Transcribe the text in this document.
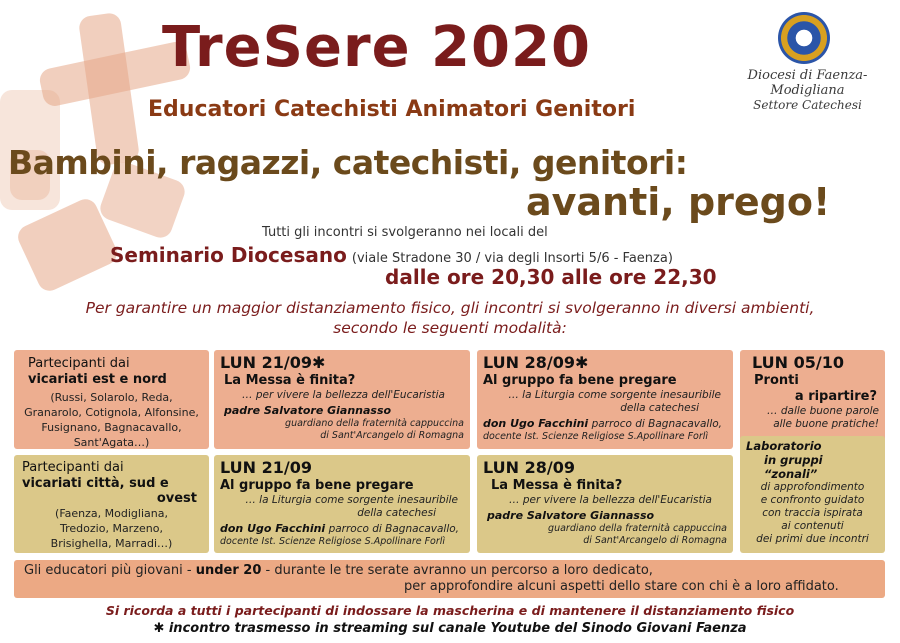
Diocesi di Faenza-Modigliana
Settore Catechesi
TreSere 2020
Educatori Catechisti Animatori Genitori
Bambini, ragazzi, catechisti, genitori:
avanti, prego!
Tutti gli incontri si svolgeranno nei locali del
Seminario Diocesano (viale Stradone 30 / via degli Insorti 5/6 - Faenza)
dalle ore 20,30 alle ore 22,30
Per garantire un maggior distanziamento fisico, gli incontri si svolgeranno in diversi ambienti,
secondo le seguenti modalità:
Partecipanti dai
vicariati est e nord
(Russi, Solarolo, Reda,
Granarolo, Cotignola, Alfonsine,
Fusignano, Bagnacavallo,
Sant'Agata…)
LUN 21/09✱
La Messa è finita?
… per vivere la bellezza dell'Eucaristia
padre Salvatore Giannasso
guardiano della fraternità cappuccina
di Sant'Arcangelo di Romagna
LUN 28/09✱
Al gruppo fa bene pregare
… la Liturgia come sorgente inesauribile
della catechesi
don Ugo Facchini parroco di Bagnacavallo,
docente Ist. Scienze Religiose S.Apollinare Forlì
Partecipanti dai
vicariati città, sud e
ovest
(Faenza, Modigliana,
Tredozio, Marzeno,
Brisighella, Marradi…)
LUN 21/09
Al gruppo fa bene pregare
… la Liturgia come sorgente inesauribile
della catechesi
don Ugo Facchini parroco di Bagnacavallo,
docente Ist. Scienze Religiose S.Apollinare Forlì
LUN 28/09
La Messa è finita?
… per vivere la bellezza dell'Eucaristia
padre Salvatore Giannasso
guardiano della fraternità cappuccina
di Sant'Arcangelo di Romagna
LUN 05/10
Pronti
a ripartire?
… dalle buone parole
alle buone pratiche!
Laboratorio
in gruppi “zonali”
di approfondimento
e confronto guidato
con traccia ispirata
ai contenuti
dei primi due incontri
Gli educatori più giovani - under 20 - durante le tre serate avranno un percorso a loro dedicato,
per approfondire alcuni aspetti dello stare con chi è a loro affidato.
Si ricorda a tutti i partecipanti di indossare la mascherina e di mantenere il distanziamento fisico
✱ incontro trasmesso in streaming sul canale Youtube del Sinodo Giovani Faenza
